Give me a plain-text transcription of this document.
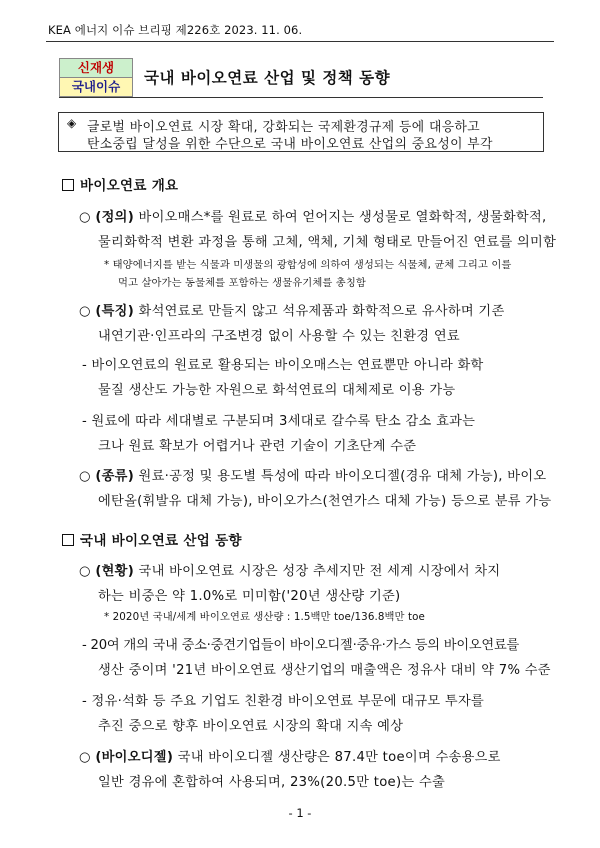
KEA 에너지 이슈 브리핑 제226호 2023. 11. 06.
신재생
국내이슈	국내 바이오연료 산업 및 정책 동향
◈ 글로벌 바이오연료 시장 확대, 강화되는 국제환경규제 등에 대응하고
탄소중립 달성을 위한 수단으로 국내 바이오연료 산업의 중요성이 부각
바이오연료 개요
○ (정의) 바이오매스*를 원료로 하여 얻어지는 생성물로 열화학적, 생물화학적,
물리화학적 변환 과정을 통해 고체, 액체, 기체 형태로 만들어진 연료를 의미함
* 태양에너지를 받는 식물과 미생물의 광합성에 의하여 생성되는 식물체, 균체 그리고 이를
먹고 살아가는 동물체를 포함하는 생물유기체를 총칭함
○ (특징) 화석연료로 만들지 않고 석유제품과 화학적으로 유사하며 기존
내연기관·인프라의 구조변경 없이 사용할 수 있는 친환경 연료
- 바이오연료의 원료로 활용되는 바이오매스는 연료뿐만 아니라 화학
물질 생산도 가능한 자원으로 화석연료의 대체제로 이용 가능
- 원료에 따라 세대별로 구분되며 3세대로 갈수록 탄소 감소 효과는
크나 원료 확보가 어렵거나 관련 기술이 기초단계 수준
○ (종류) 원료·공정 및 용도별 특성에 따라 바이오디젤(경유 대체 가능), 바이오
에탄올(휘발유 대체 가능), 바이오가스(천연가스 대체 가능) 등으로 분류 가능
국내 바이오연료 산업 동향
○ (현황) 국내 바이오연료 시장은 성장 추세지만 전 세계 시장에서 차지
하는 비중은 약 1.0%로 미미함('20년 생산량 기준)
* 2020년 국내/세계 바이오연료 생산량 : 1.5백만 toe/136.8백만 toe
- 20여 개의 국내 중소·중견기업들이 바이오디젤·중유·가스 등의 바이오연료를
생산 중이며 '21년 바이오연료 생산기업의 매출액은 정유사 대비 약 7% 수준
- 정유·석화 등 주요 기업도 친환경 바이오연료 부문에 대규모 투자를
추진 중으로 향후 바이오연료 시장의 확대 지속 예상
○ (바이오디젤) 국내 바이오디젤 생산량은 87.4만 toe이며 수송용으로
일반 경유에 혼합하여 사용되며, 23%(20.5만 toe)는 수출
- 1 -
